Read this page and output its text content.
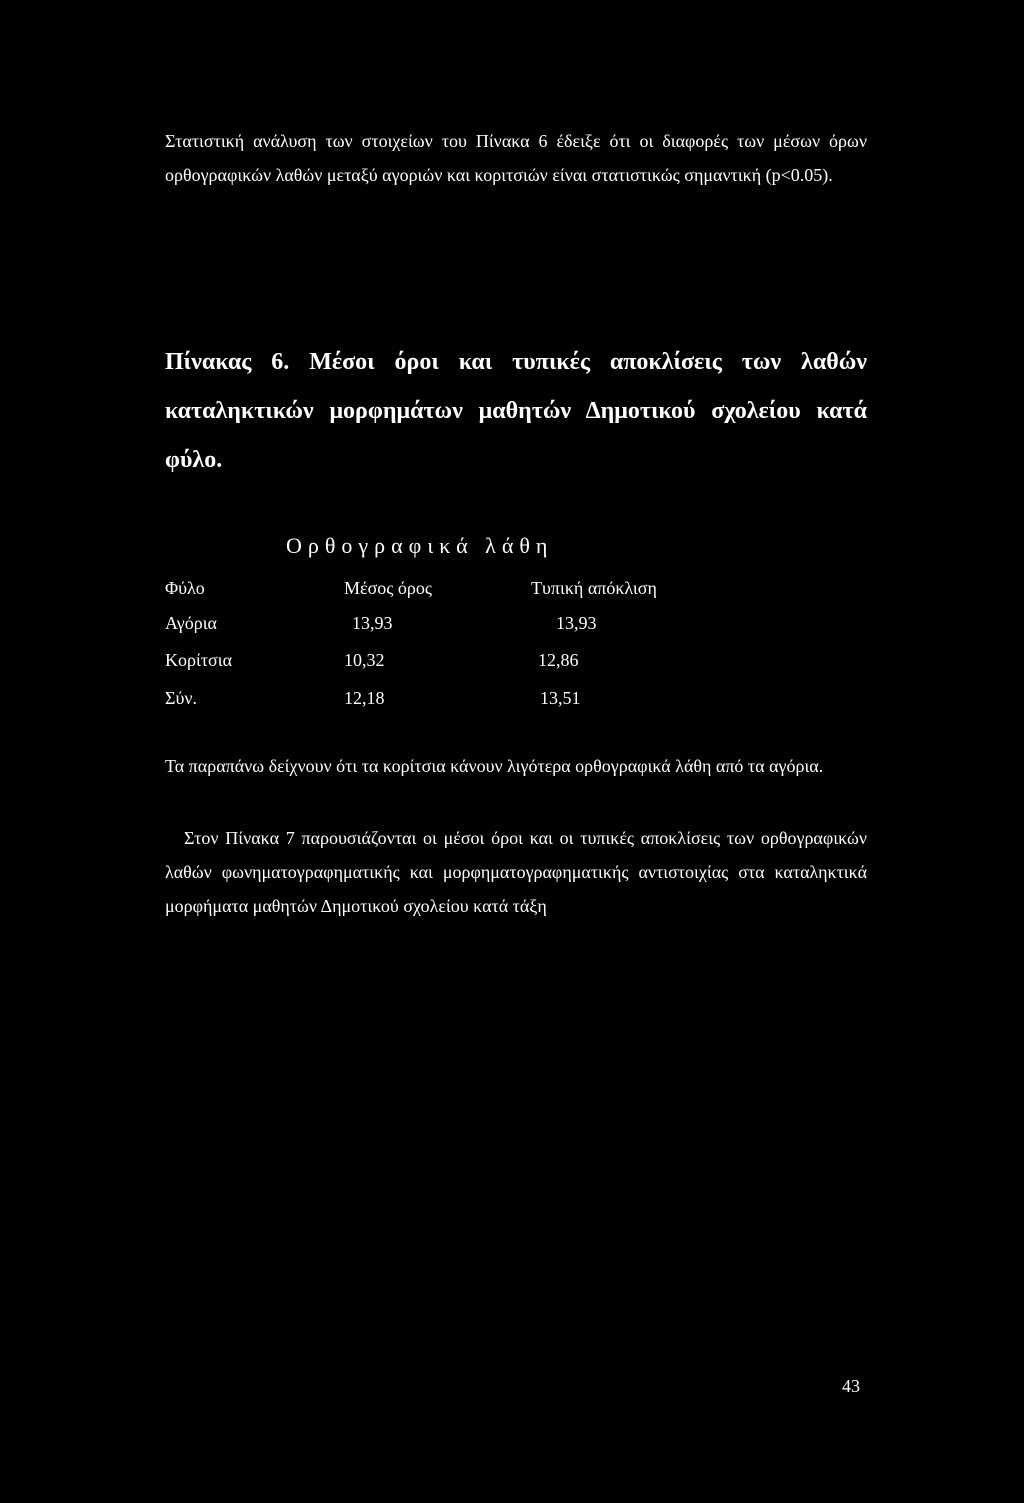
Στατιστική ανάλυση των στοιχείων του Πίνακα 6 έδειξε ότι οι διαφορές των μέσων όρων ορθογραφικών λαθών μεταξύ αγοριών και κοριτσιών είναι στατιστικώς σημαντική (p<0.05).

Πίνακας 6. Μέσοι όροι και τυπικές αποκλίσεις των λαθών καταληκτικών μορφημάτων μαθητών Δημοτικού σχολείου κατά φύλο.

Ορθογραφικά λάθη

Φύλο	Μέσος όρος	Τυπική απόκλιση
Αγόρια	13,93	13,93
Κορίτσια	10,32	12,86
Σύν.	12,18	13,51

Τα παραπάνω δείχνουν ότι τα κορίτσια κάνουν λιγότερα ορθογραφικά λάθη από τα αγόρια.

Στον Πίνακα 7 παρουσιάζονται οι μέσοι όροι και οι τυπικές αποκλίσεις των ορθογραφικών λαθών φωνηματογραφηματικής και μορφηματογραφηματικής αντιστοιχίας στα καταληκτικά μορφήματα μαθητών Δημοτικού σχολείου κατά τάξη

43
